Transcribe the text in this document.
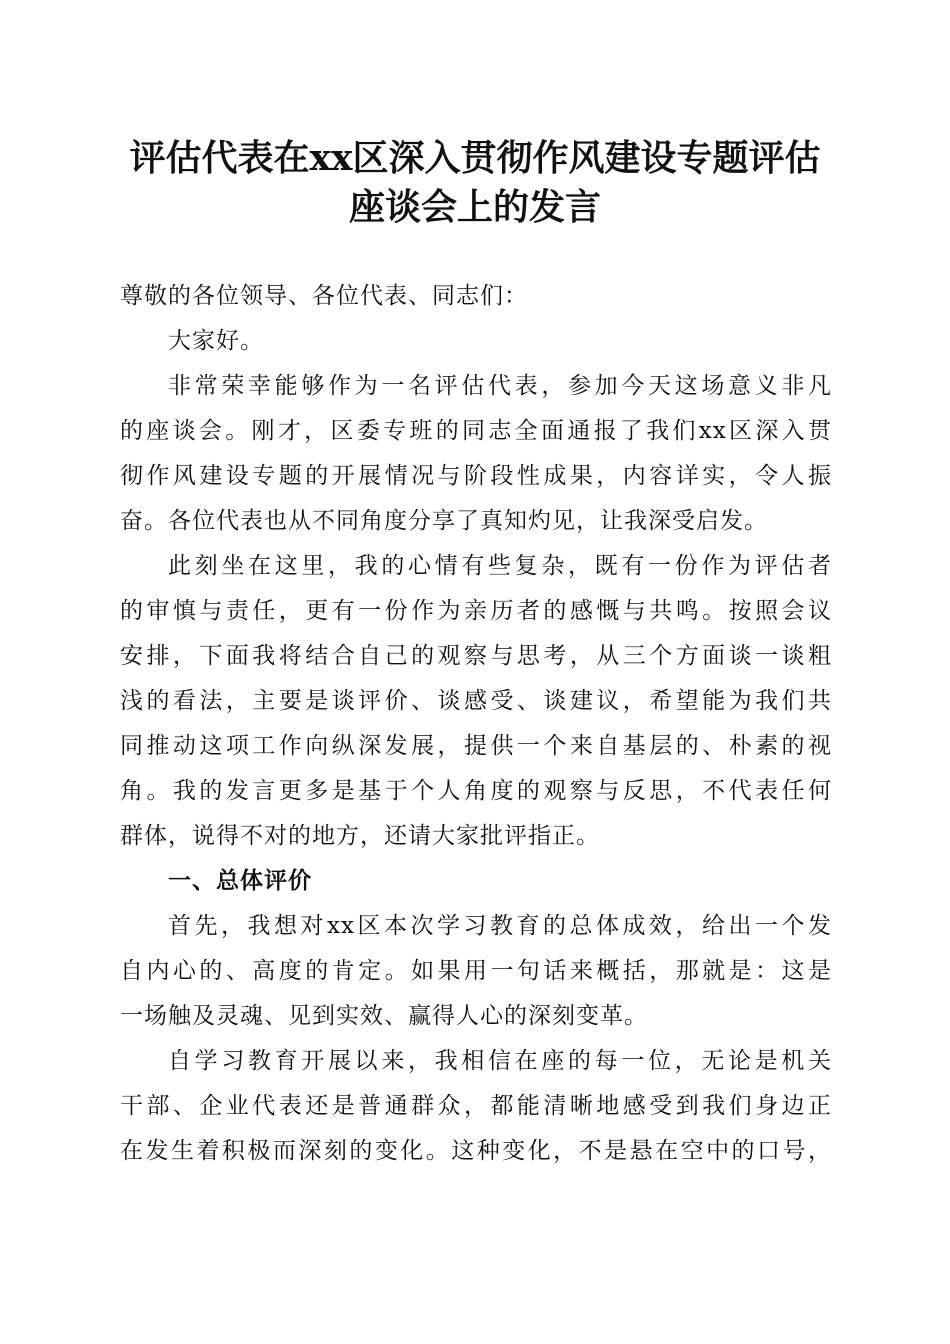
评估代表在xx区深入贯彻作风建设专题评估
座谈会上的发言
尊敬的各位领导、各位代表、同志们：
大家好。
非常荣幸能够作为一名评估代表，参加今天这场意义非凡
的座谈会。刚才，区委专班的同志全面通报了我们xx区深入贯
彻作风建设专题的开展情况与阶段性成果，内容详实，令人振
奋。各位代表也从不同角度分享了真知灼见，让我深受启发。
此刻坐在这里，我的心情有些复杂，既有一份作为评估者
的审慎与责任，更有一份作为亲历者的感慨与共鸣。按照会议
安排，下面我将结合自己的观察与思考，从三个方面谈一谈粗
浅的看法，主要是谈评价、谈感受、谈建议，希望能为我们共
同推动这项工作向纵深发展，提供一个来自基层的、朴素的视
角。我的发言更多是基于个人角度的观察与反思，不代表任何
群体，说得不对的地方，还请大家批评指正。
一、总体评价
首先，我想对xx区本次学习教育的总体成效，给出一个发
自内心的、高度的肯定。如果用一句话来概括，那就是：这是
一场触及灵魂、见到实效、赢得人心的深刻变革。
自学习教育开展以来，我相信在座的每一位，无论是机关
干部、企业代表还是普通群众，都能清晰地感受到我们身边正
在发生着积极而深刻的变化。这种变化，不是悬在空中的口号，
